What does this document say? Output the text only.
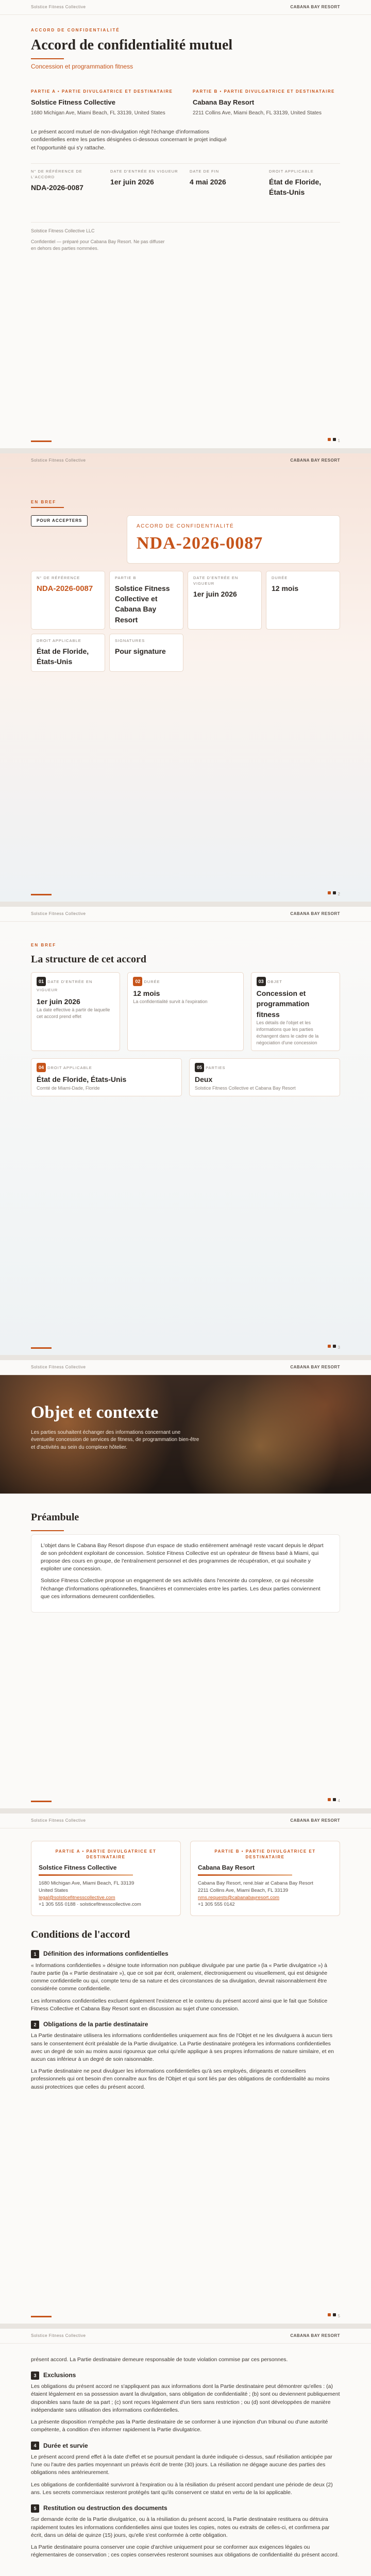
Solstice Fitness Collective	CABANA BAY RESORT
ACCORD DE CONFIDENTIALITÉ
Accord de confidentialité mutuel
Concession et programmation fitness
PARTIE A • PARTIE DIVULGATRICE ET DESTINATAIRE
Solstice Fitness Collective
1680 Michigan Ave, Miami Beach, FL 33139, United States
PARTIE B • PARTIE DIVULGATRICE ET DESTINATAIRE
Cabana Bay Resort
2211 Collins Ave, Miami Beach, FL 33139, United States

Le présent accord mutuel de non-divulgation régit l'échange d'informations confidentielles entre les parties désignées ci-dessous concernant le projet indiqué et l'opportunité qui s'y rattache.

N° DE RÉFÉRENCE DE L'ACCORD
NDA-2026-0087
DATE D'ENTRÉE EN VIGUEUR
1er juin 2026
DATE DE FIN
4 mai 2026
DROIT APPLICABLE
État de Floride, États-Unis
Solstice Fitness Collective LLC
Confidentiel — préparé pour Cabana Bay Resort. Ne pas diffuser en dehors des parties nommées.
1
Solstice Fitness Collective	CABANA BAY RESORT
EN BREF
POUR ACCEPTERS
ACCORD DE CONFIDENTIALITÉ
NDA-2026-0087
N° DE RÉFÉRENCE
NDA-2026-0087
PARTIE B
Solstice Fitness Collective et Cabana Bay Resort
DATE D'ENTRÉE EN VIGUEUR
1er juin 2026
DURÉE
12 mois
DROIT APPLICABLE
État de Floride, États-Unis
SIGNATURES
Pour signature
2
Solstice Fitness Collective	CABANA BAY RESORT
EN BREF
La structure de cet accord
01 DATE D'ENTRÉE EN VIGUEUR
1er juin 2026
La date effective à partir de laquelle cet accord prend effet
02 DURÉE
12 mois
La confidentialité survit à l'expiration
03 OBJET
Concession et programmation fitness
Les détails de l'objet et les informations que les parties échangent dans le cadre de la négociation d'une concession
04 DROIT APPLICABLE
État de Floride, États-Unis
Comté de Miami-Dade, Floride
05 PARTIES
Deux
Solstice Fitness Collective et Cabana Bay Resort
3
Solstice Fitness Collective	CABANA BAY RESORT
Objet et contexte

Les parties souhaitent échanger des informations concernant une éventuelle concession de services de fitness, de programmation bien-être et d'activités au sein du complexe hôtelier.

Préambule

L'objet dans le Cabana Bay Resort dispose d'un espace de studio entièrement aménagé reste vacant depuis le départ de son précédent exploitant de concession. Solstice Fitness Collective est un opérateur de fitness basé à Miami, qui propose des cours en groupe, de l'entraînement personnel et des programmes de récupération, et qui souhaite y exploiter une concession.

Solstice Fitness Collective propose un engagement de ses activités dans l'enceinte du complexe, ce qui nécessite l'échange d'informations opérationnelles, financières et commerciales entre les parties. Les deux parties conviennent que ces informations demeurent confidentielles.

4
Solstice Fitness Collective	CABANA BAY RESORT
PARTIE A • PARTIE DIVULGATRICE ET DESTINATAIRE
Solstice Fitness Collective
1680 Michigan Ave, Miami Beach, FL 33139
United States
legal@solsticefitnesscollective.com
+1 305 555 0188 · solsticefitnesscollective.com
PARTIE B • PARTIE DIVULGATRICE ET DESTINATAIRE
Cabana Bay Resort
Cabana Bay Resort, rené.blair at Cabana Bay Resort
2211 Collins Ave, Miami Beach, FL 33139
nms.requests@cabanabayresort.com
+1 305 555 0142
Conditions de l'accord
1	Définition des informations confidentielles

« Informations confidentielles » désigne toute information non publique divulguée par une partie (la « Partie divulgatrice ») à l'autre partie (la « Partie destinataire »), que ce soit par écrit, oralement, électroniquement ou visuellement, qui est désignée comme confidentielle ou qui, compte tenu de sa nature et des circonstances de sa divulgation, devrait raisonnablement être considérée comme confidentielle.

Les informations confidentielles excluent également l'existence et le contenu du présent accord ainsi que le fait que Solstice Fitness Collective et Cabana Bay Resort sont en discussion au sujet d'une concession.

2	Obligations de la partie destinataire

La Partie destinataire utilisera les informations confidentielles uniquement aux fins de l'Objet et ne les divulguera à aucun tiers sans le consentement écrit préalable de la Partie divulgatrice. La Partie destinataire protégera les informations confidentielles avec un degré de soin au moins aussi rigoureux que celui qu'elle applique à ses propres informations de nature similaire, et en aucun cas inférieur à un degré de soin raisonnable.

La Partie destinataire ne peut divulguer les informations confidentielles qu'à ses employés, dirigeants et conseillers professionnels qui ont besoin d'en connaître aux fins de l'Objet et qui sont liés par des obligations de confidentialité au moins aussi protectrices que celles du présent accord.

5
Solstice Fitness Collective	CABANA BAY RESORT

présent accord. La Partie destinataire demeure responsable de toute violation commise par ces personnes.

3	Exclusions

Les obligations du présent accord ne s'appliquent pas aux informations dont la Partie destinataire peut démontrer qu'elles : (a) étaient légalement en sa possession avant la divulgation, sans obligation de confidentialité ; (b) sont ou deviennent publiquement disponibles sans faute de sa part ; (c) sont reçues légalement d'un tiers sans restriction ; ou (d) sont développées de manière indépendante sans utilisation des informations confidentielles.

La présente disposition n'empêche pas la Partie destinataire de se conformer à une injonction d'un tribunal ou d'une autorité compétente, à condition d'en informer rapidement la Partie divulgatrice.

4	Durée et survie

Le présent accord prend effet à la date d'effet et se poursuit pendant la durée indiquée ci-dessus, sauf résiliation anticipée par l'une ou l'autre des parties moyennant un préavis écrit de trente (30) jours. La résiliation ne dégage aucune des parties des obligations nées antérieurement.

Les obligations de confidentialité survivront à l'expiration ou à la résiliation du présent accord pendant une période de deux (2) ans. Les secrets commerciaux resteront protégés tant qu'ils conservent ce statut en vertu de la loi applicable.

5	Restitution ou destruction des documents

Sur demande écrite de la Partie divulgatrice, ou à la résiliation du présent accord, la Partie destinataire restituera ou détruira rapidement toutes les informations confidentielles ainsi que toutes les copies, notes ou extraits de celles-ci, et confirmera par écrit, dans un délai de quinze (15) jours, qu'elle s'est conformée à cette obligation.

La Partie destinataire pourra conserver une copie d'archive uniquement pour se conformer aux exigences légales ou réglementaires de conservation ; ces copies conservées resteront soumises aux obligations de confidentialité du présent accord.
